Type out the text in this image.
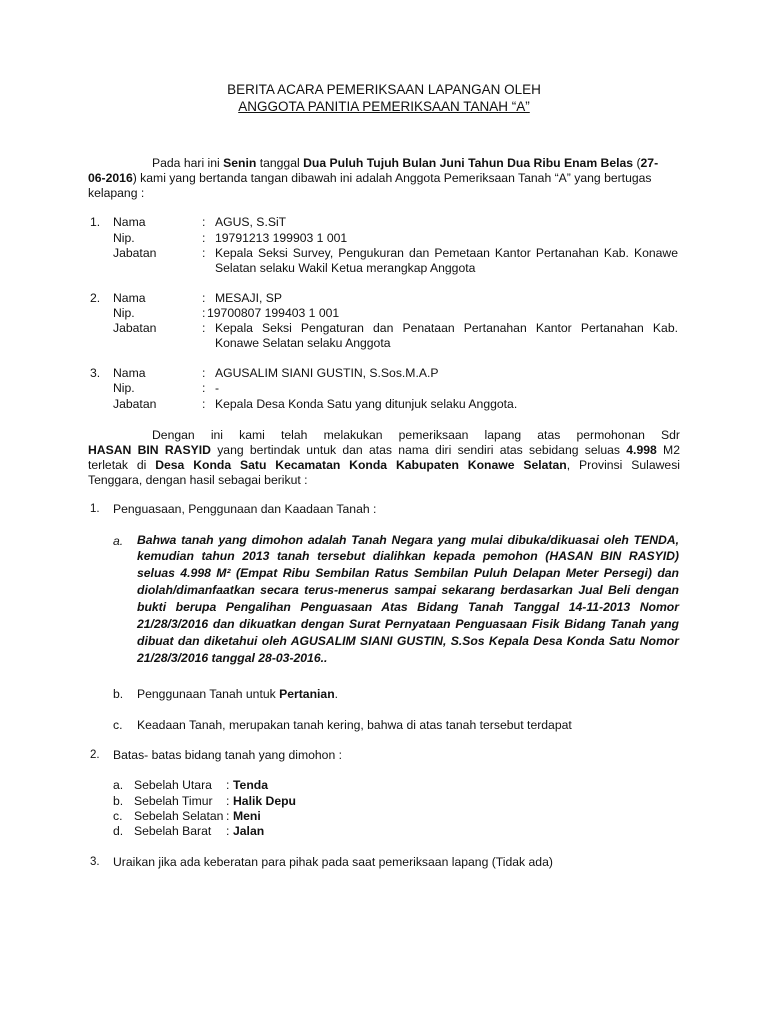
BERITA ACARA PEMERIKSAAN LAPANGAN OLEH
ANGGOTA PANITIA PEMERIKSAAN TANAH “A”
Pada hari ini Senin tanggal Dua Puluh Tujuh Bulan Juni Tahun Dua Ribu Enam Belas (27-
06-2016) kami yang bertanda tangan dibawah ini adalah Anggota Pemeriksaan Tanah “A” yang bertugas
kelapang :
1. Nama	: AGUS, S.SiT
Nip.	: 19791213 199903 1 001
Jabatan	: Kepala Seksi Survey, Pengukuran dan Pemetaan Kantor Pertanahan Kab. Konawe
Selatan selaku Wakil Ketua merangkap Anggota
2. Nama	: MESAJI, SP
Nip.	: 19700807 199403 1 001
Jabatan	: Kepala Seksi Pengaturan dan Penataan Pertanahan Kantor Pertanahan Kab.
Konawe Selatan selaku Anggota
3. Nama	: AGUSALIM SIANI GUSTIN, S.Sos.M.A.P
Nip.	: -
Jabatan	: Kepala Desa Konda Satu yang ditunjuk selaku Anggota.
Dengan ini kami telah melakukan pemeriksaan lapang atas permohonan Sdr
HASAN BIN RASYID yang bertindak untuk dan atas nama diri sendiri atas sebidang seluas 4.998 M2
terletak di Desa Konda Satu Kecamatan Konda Kabupaten Konawe Selatan, Provinsi Sulawesi
Tenggara, dengan hasil sebagai berikut :
1. Penguasaan, Penggunaan dan Kaadaan Tanah :
a. Bahwa tanah yang dimohon adalah Tanah Negara yang mulai dibuka/dikuasai oleh TENDA,
kemudian tahun 2013 tanah tersebut dialihkan kepada pemohon (HASAN BIN RASYID)
seluas 4.998 M² (Empat Ribu Sembilan Ratus Sembilan Puluh Delapan Meter Persegi) dan
diolah/dimanfaatkan secara terus-menerus sampai sekarang berdasarkan Jual Beli dengan
bukti berupa Pengalihan Penguasaan Atas Bidang Tanah Tanggal 14-11-2013 Nomor
21/28/3/2016 dan dikuatkan dengan Surat Pernyataan Penguasaan Fisik Bidang Tanah yang
dibuat dan diketahui oleh AGUSALIM SIANI GUSTIN, S.Sos Kepala Desa Konda Satu Nomor
21/28/3/2016 tanggal 28-03-2016..
b. Penggunaan Tanah untuk Pertanian.
c. Keadaan Tanah, merupakan tanah kering, bahwa di atas tanah tersebut terdapat
2. Batas- batas bidang tanah yang dimohon :
a. Sebelah Utara : Tenda
b. Sebelah Timur : Halik Depu
c. Sebelah Selatan : Meni
d. Sebelah Barat : Jalan
3. Uraikan jika ada keberatan para pihak pada saat pemeriksaan lapang (Tidak ada)
